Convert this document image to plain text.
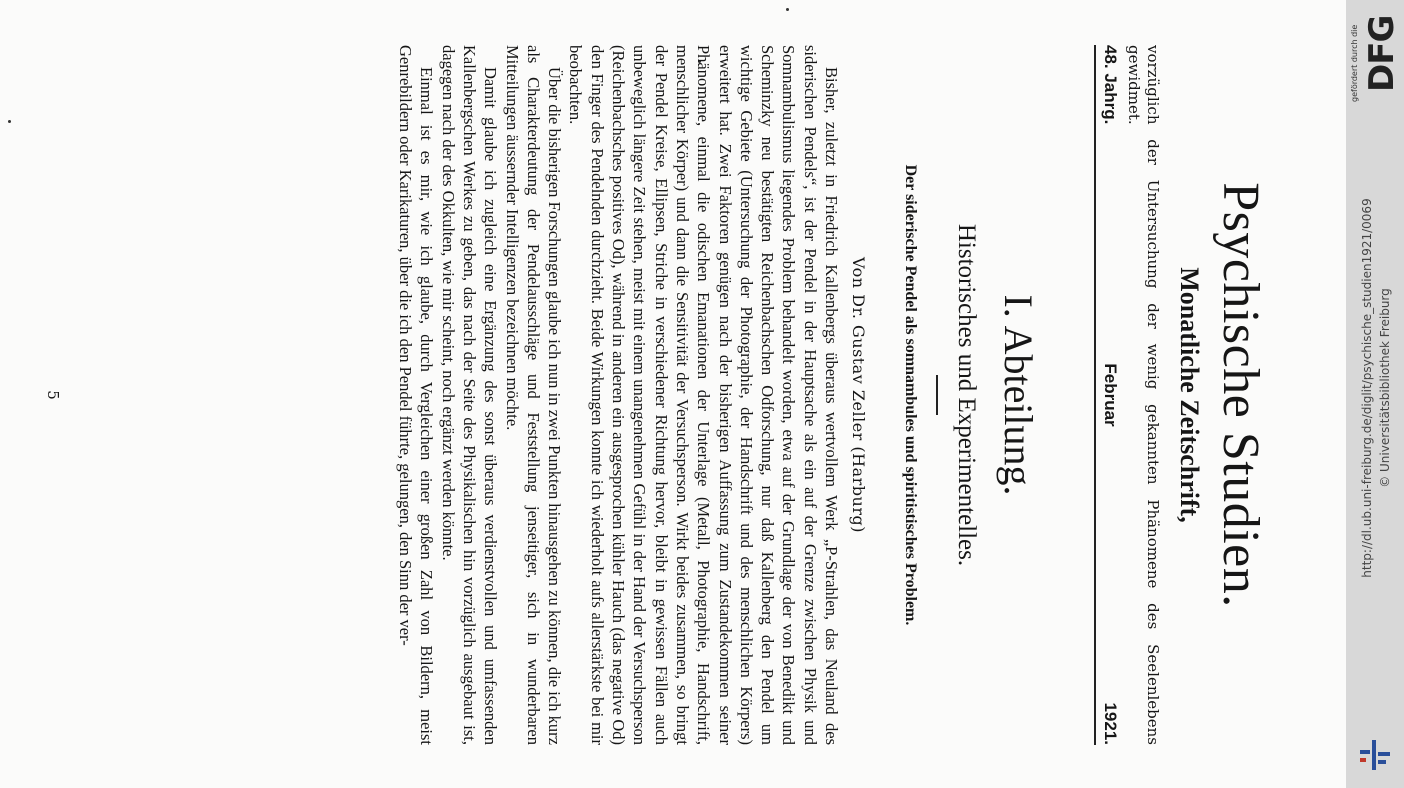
Psychische Studien.
Monatliche Zeitschrift,

vorzüglich der Untersuchung der wenig gekannten Phänomene des Seelenlebens gewidmet.

48. Jahrg.
Februar
1921.
I. Abteilung.
Historisches und Experimentelles.
Der siderische Pendel als somnambules und spiritistisches Problem.
Von Dr. Gustav Zeller (Harburg)

Bisher, zuletzt in Friedrich Kallenbergs überaus wertvollem Werk „P-Strahlen, das Neuland des siderischen Pendels“, ist der Pendel in der Hauptsache als ein auf der Grenze zwischen Physik und Somnambulismus liegendes Problem behandelt worden, etwa auf der Grundlage der von Benedikt und Scheminzky neu bestätigten Reichenbachschen Odforschung, nur daß Kallenberg den Pendel um wichtige Gebiete (Untersuchung der Photographie, der Handschrift und des menschlichen Körpers) erweitert hat. Zwei Faktoren genügen nach der bisherigen Auffassung zum Zustandekommen seiner Phänomene, einmal die odischen Emanationen der Unterlage (Metall, Photographie, Handschrift, menschlicher Körper) und dann die Sensitivität der Versuchsperson. Wirkt beides zusammen, so bringt der Pendel Kreise, Ellipsen, Striche in verschiedener Richtung hervor, bleibt in gewissen Fällen auch unbeweglich längere Zeit stehen, meist mit einem unangenehmen Gefühl in der Hand der Versuchsperson (Reichenbachsches positives Od), während in anderen ein ausgesprochen kühler Hauch (das negative Od) den Finger des Pendelnden durchzieht. Beide Wirkungen konnte ich wiederholt aufs allerstärkste bei mir beobachten.

Über die bisherigen Forschungen glaube ich nun in zwei Punkten hinausgehen zu können, die ich kurz als Charakterdeutung der Pendelausschläge und Feststellung jenseitiger, sich in wunderbaren Mitteilungen äussernder Intelligenzen bezeichnen möchte.

Damit glaube ich zugleich eine Ergänzung des sonst überaus verdienstvollen und umfassenden Kallenbergschen Werkes zu geben, das nach der Seite des Physikalischen hin vorzüglich ausgebaut ist, dagegen nach der des Okkulten, wie mir scheint, noch ergänzt werden könnte.

Einmal ist es mir, wie ich glaube, durch Vergleichen einer großen Zahl von Bildern, meist Genrebildern oder Karikaturen, über die ich den Pendel führte, gelungen, den Sinn der ver-

5
gefördert durch die DFG
http://dl.ub.uni-freiburg.de/diglit/psychische_studien1921/0069 © Universitätsbibliothek Freiburg
